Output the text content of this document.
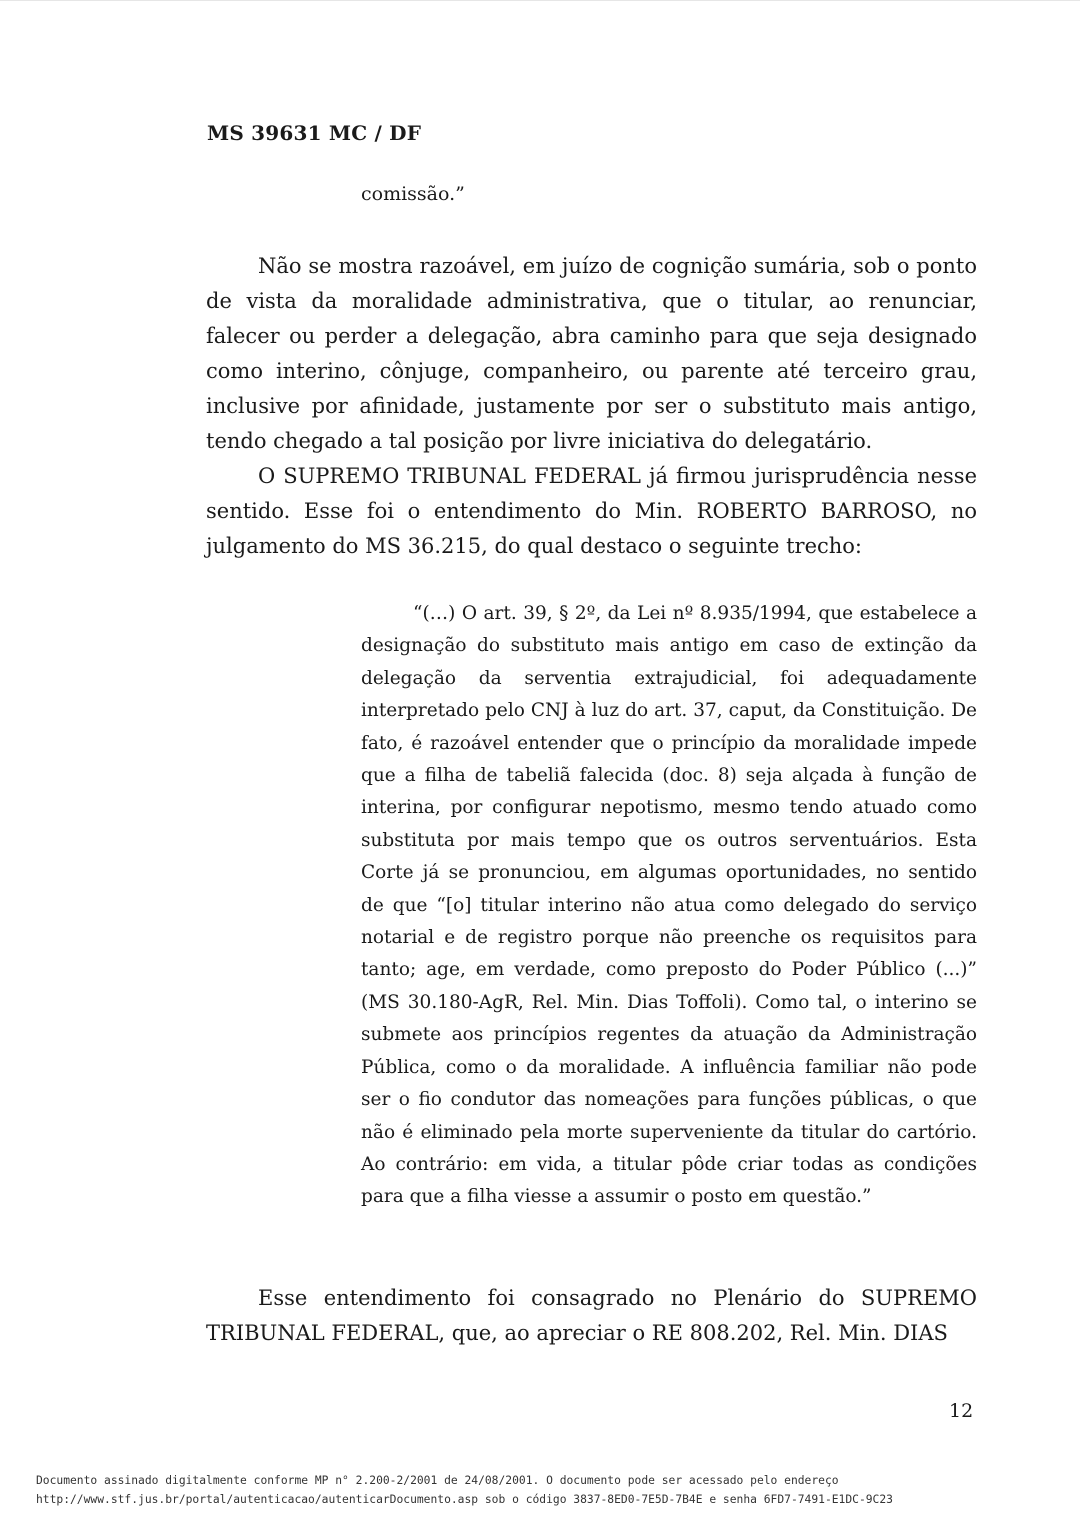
MS 39631 MC / DF
comissão.”

Não se mostra razoável, em juízo de cognição sumária, sob o ponto de vista da moralidade administrativa, que o titular, ao renunciar, falecer ou perder a delegação, abra caminho para que seja designado como interino, cônjuge, companheiro, ou parente até terceiro grau, inclusive por afinidade, justamente por ser o substituto mais antigo, tendo chegado a tal posição por livre iniciativa do delegatário.

O SUPREMO TRIBUNAL FEDERAL já firmou jurisprudência nesse sentido. Esse foi o entendimento do Min. ROBERTO BARROSO, no julgamento do MS 36.215, do qual destaco o seguinte trecho:

“(…) O art. 39, § 2º, da Lei nº 8.935/1994, que estabelece a designação do substituto mais antigo em caso de extinção da delegação da serventia extrajudicial, foi adequadamente interpretado pelo CNJ à luz do art. 37, caput, da Constituição. De fato, é razoável entender que o princípio da moralidade impede que a filha de tabeliã falecida (doc. 8) seja alçada à função de interina, por configurar nepotismo, mesmo tendo atuado como substituta por mais tempo que os outros serventuários. Esta Corte já se pronunciou, em algumas oportunidades, no sentido de que “[o] titular interino não atua como delegado do serviço notarial e de registro porque não preenche os requisitos para tanto; age, em verdade, como preposto do Poder Público (...)” (MS 30.180-AgR, Rel. Min. Dias Toffoli). Como tal, o interino se submete aos princípios regentes da atuação da Administração Pública, como o da moralidade. A influência familiar não pode ser o fio condutor das nomeações para funções públicas, o que não é eliminado pela morte superveniente da titular do cartório. Ao contrário: em vida, a titular pôde criar todas as condições para que a filha viesse a assumir o posto em questão.”

Esse entendimento foi consagrado no Plenário do SUPREMO TRIBUNAL FEDERAL, que, ao apreciar o RE 808.202, Rel. Min. DIAS

12
Documento assinado digitalmente conforme MP n° 2.200-2/2001 de 24/08/2001. O documento pode ser acessado pelo endereço
http://www.stf.jus.br/portal/autenticacao/autenticarDocumento.asp sob o código 3837-8ED0-7E5D-7B4E e senha 6FD7-7491-E1DC-9C23
